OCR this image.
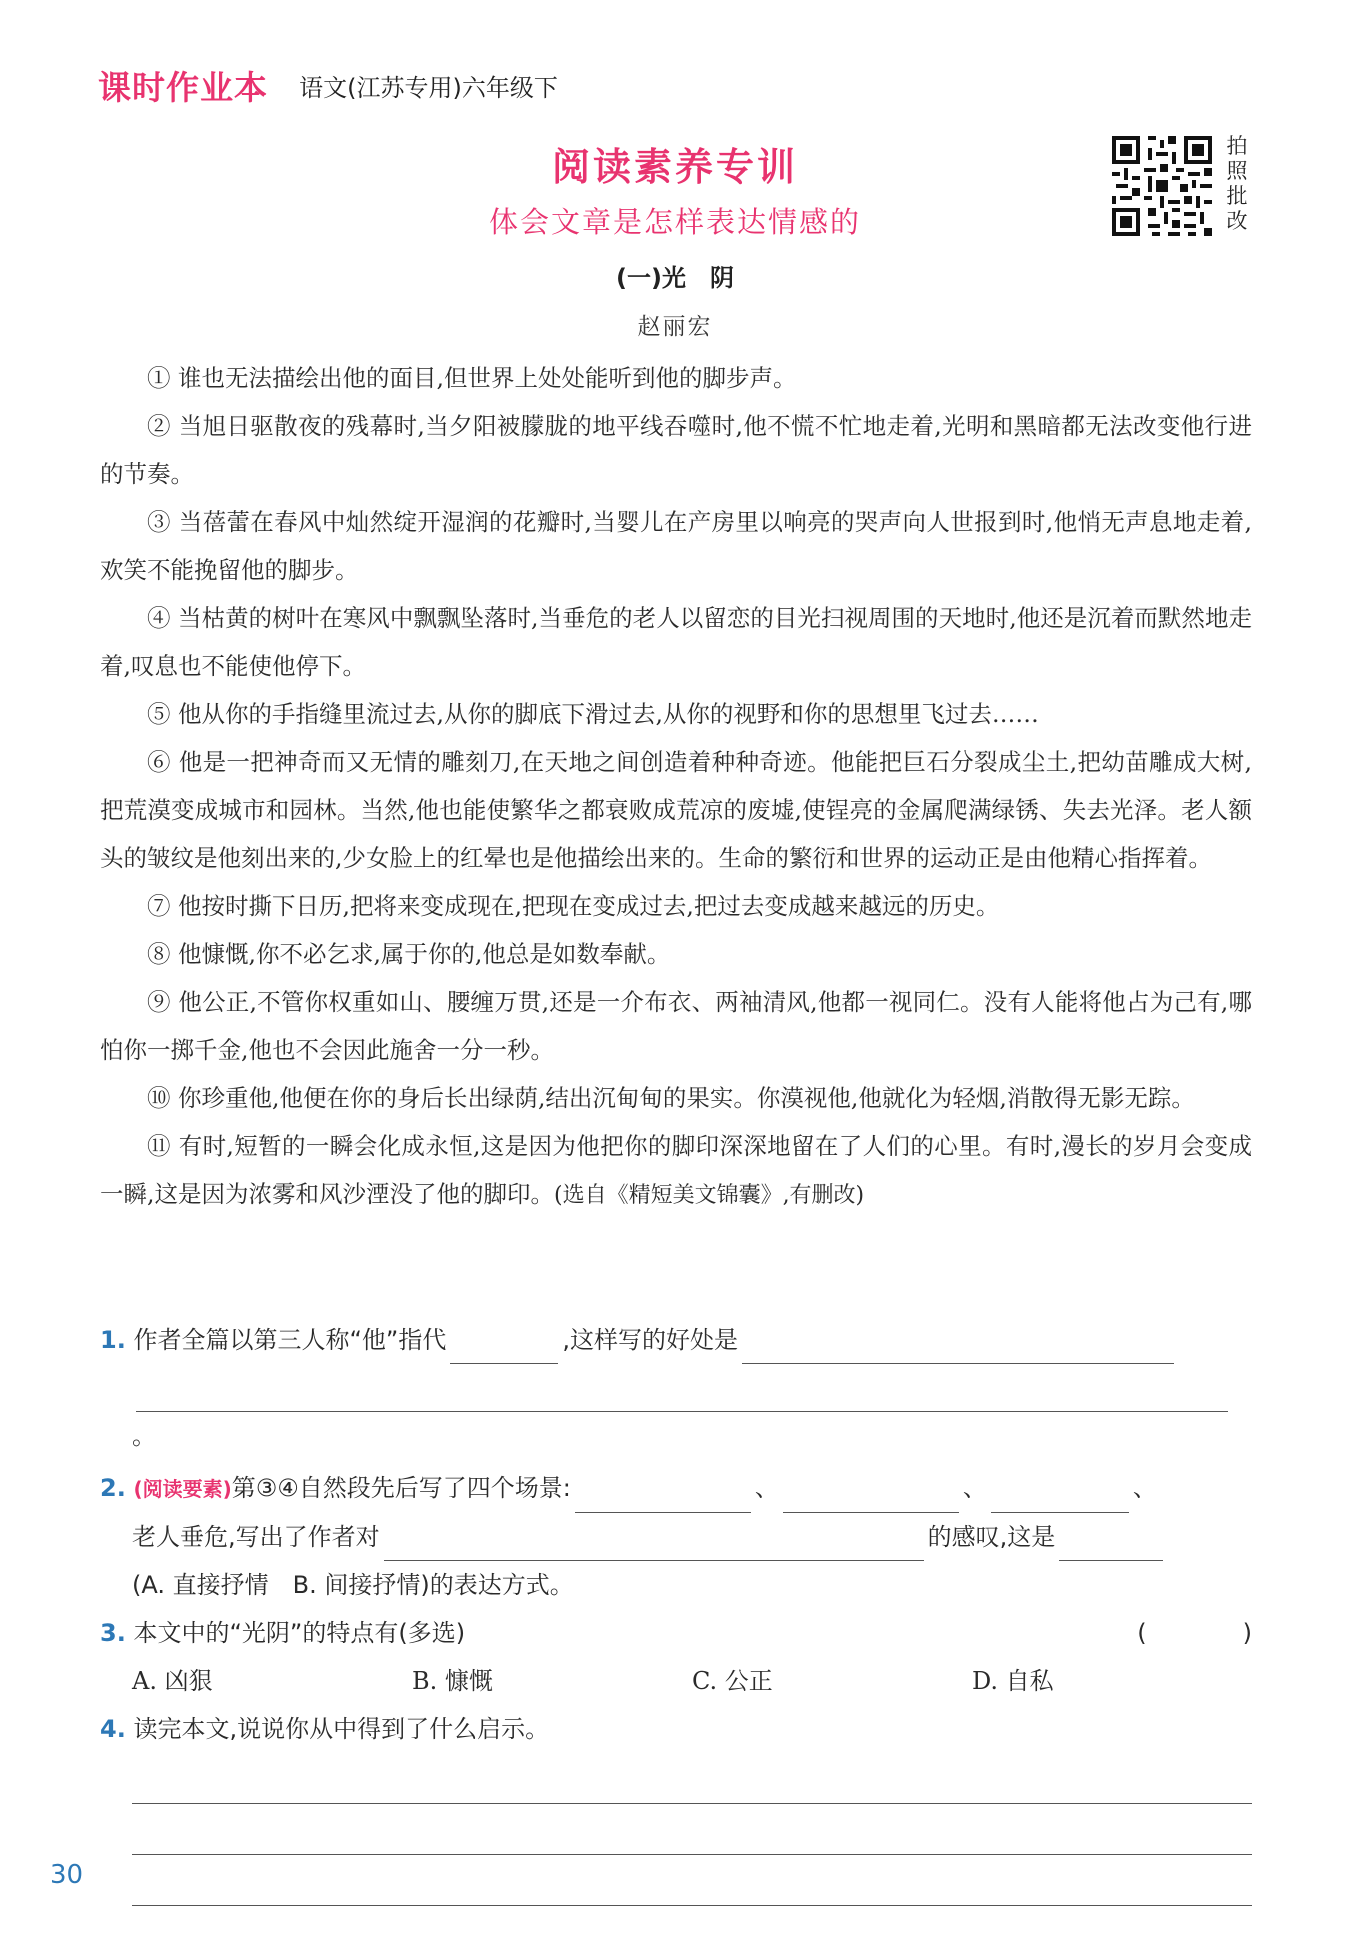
课时作业本 语文(江苏专用)六年级下
阅读素养专训
体会文章是怎样表达情感的
拍照批改
(一)光　阴
赵丽宏

① 谁也无法描绘出他的面目,但世界上处处能听到他的脚步声。

② 当旭日驱散夜的残幕时,当夕阳被朦胧的地平线吞噬时,他不慌不忙地走着,光明和黑暗都无法改变他行进的节奏。

③ 当蓓蕾在春风中灿然绽开湿润的花瓣时,当婴儿在产房里以响亮的哭声向人世报到时,他悄无声息地走着,欢笑不能挽留他的脚步。

④ 当枯黄的树叶在寒风中飘飘坠落时,当垂危的老人以留恋的目光扫视周围的天地时,他还是沉着而默然地走着,叹息也不能使他停下。

⑤ 他从你的手指缝里流过去,从你的脚底下滑过去,从你的视野和你的思想里飞过去……

⑥ 他是一把神奇而又无情的雕刻刀,在天地之间创造着种种奇迹。他能把巨石分裂成尘土,把幼苗雕成大树,把荒漠变成城市和园林。当然,他也能使繁华之都衰败成荒凉的废墟,使锃亮的金属爬满绿锈、失去光泽。老人额头的皱纹是他刻出来的,少女脸上的红晕也是他描绘出来的。生命的繁衍和世界的运动正是由他精心指挥着。

⑦ 他按时撕下日历,把将来变成现在,把现在变成过去,把过去变成越来越远的历史。

⑧ 他慷慨,你不必乞求,属于你的,他总是如数奉献。

⑨ 他公正,不管你权重如山、腰缠万贯,还是一介布衣、两袖清风,他都一视同仁。没有人能将他占为己有,哪怕你一掷千金,他也不会因此施舍一分一秒。

⑩ 你珍重他,他便在你的身后长出绿荫,结出沉甸甸的果实。你漠视他,他就化为轻烟,消散得无影无踪。

⑪ 有时,短暂的一瞬会化成永恒,这是因为他把你的脚印深深地留在了人们的心里。有时,漫长的岁月会变成一瞬,这是因为浓雾和风沙湮没了他的脚印。(选自《精短美文锦囊》,有删改)

1. 作者全篇以第三人称“他”指代	,这样写的好处是
。
2. (阅读要素)第③④自然段先后写了四个场景:	、	、	、
老人垂危,写出了作者对	的感叹,这是
(A. 直接抒情　B. 间接抒情)的表达方式。
3. 本文中的“光阴”的特点有(多选)	(	)
A. 凶狠	B. 慷慨	C. 公正	D. 自私
4. 读完本文,说说你从中得到了什么启示。
30
